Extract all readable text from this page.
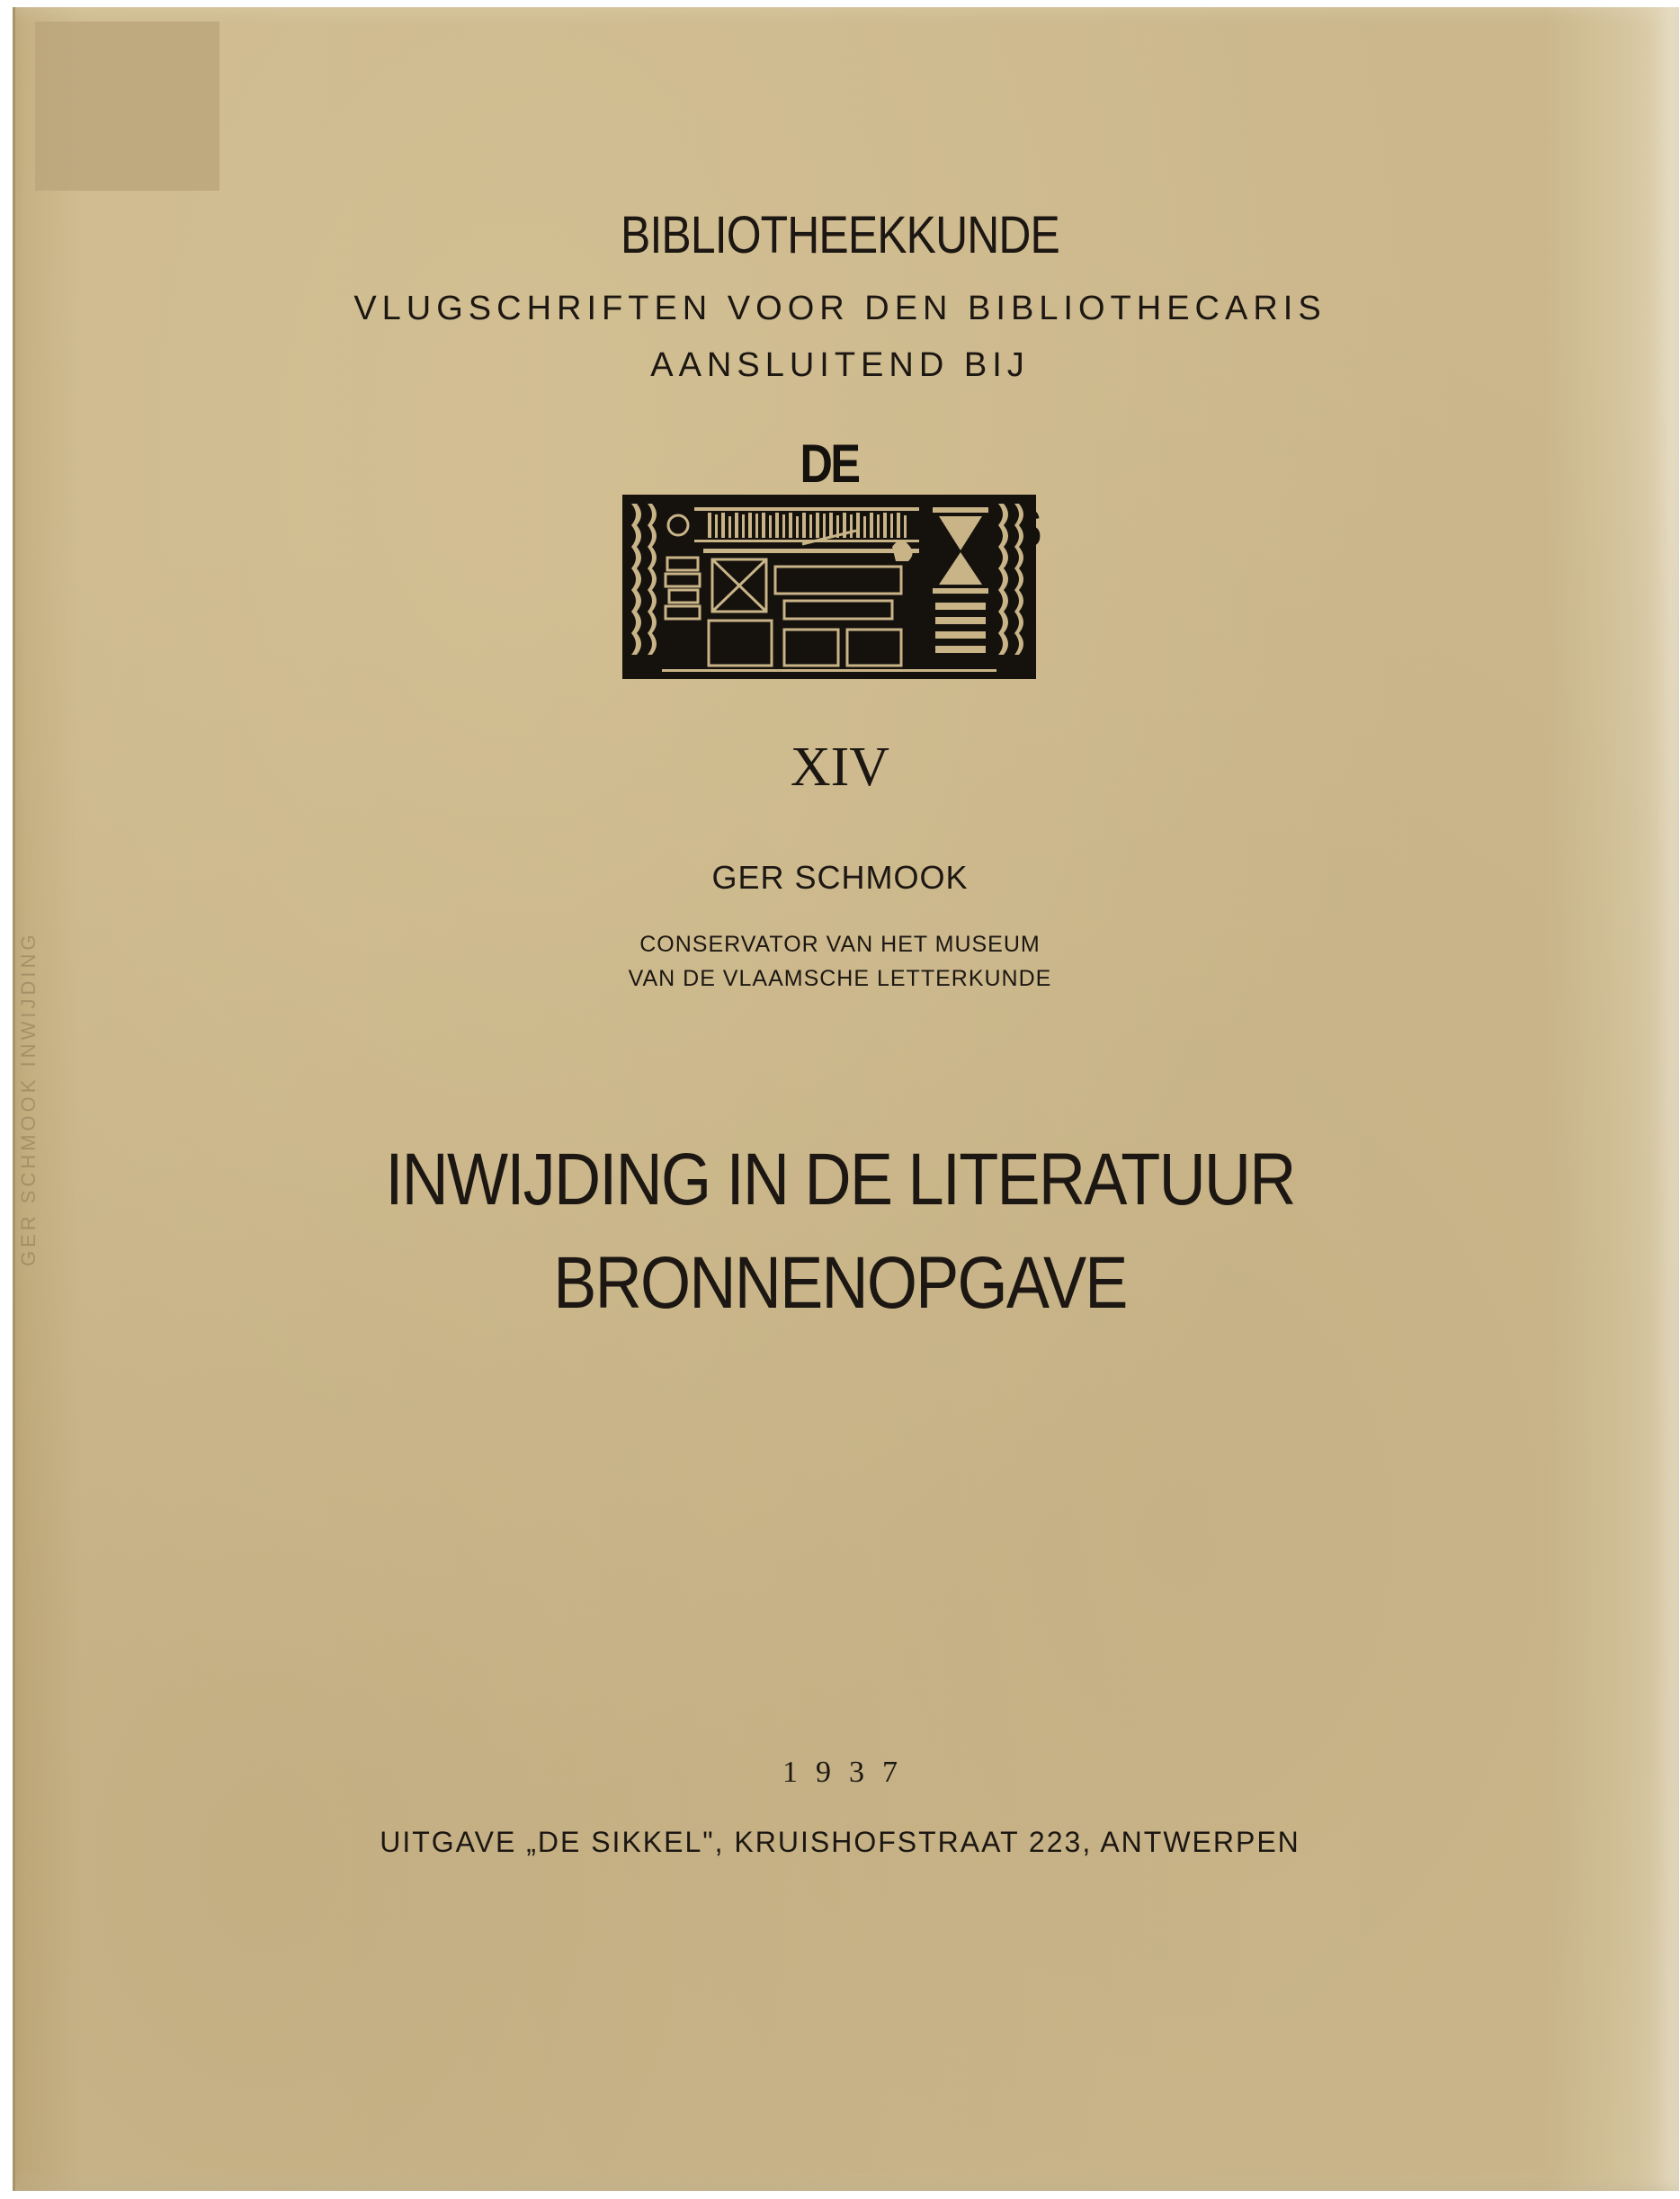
GER SCHMOOK INWIJDING
BIBLIOTHEEKKUNDE
VLUGSCHRIFTEN VOOR DEN BIBLIOTHECARIS
AANSLUITEND BIJ
DE
XIV
GER SCHMOOK
CONSERVATOR VAN HET MUSEUM
VAN DE VLAAMSCHE LETTERKUNDE
INWIJDING IN DE LITERATUUR
BRONNENOPGAVE
1937
UITGAVE „DE SIKKEL", KRUISHOFSTRAAT 223, ANTWERPEN
